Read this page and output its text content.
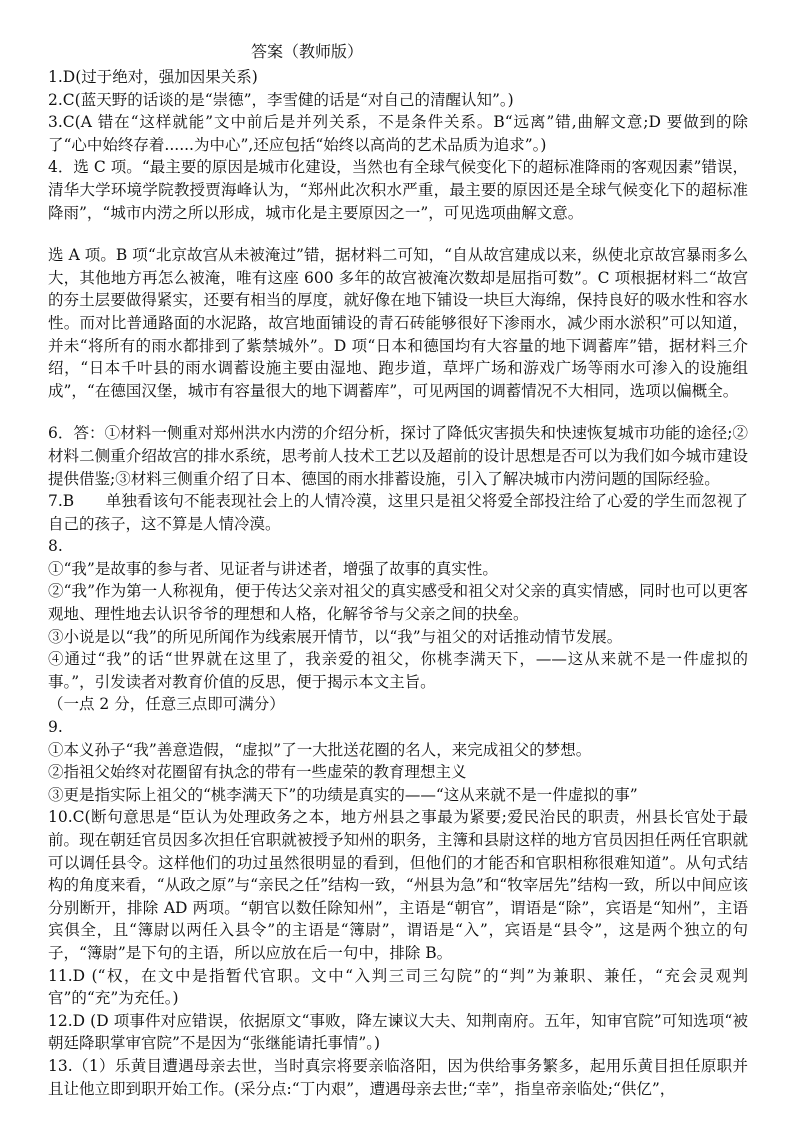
答案（教师版）
1.D(过于绝对，强加因果关系)
2.C(蓝天野的话谈的是“崇德”，李雪健的话是“对自己的清醒认知”。)
3.C(A 错在“这样就能”文中前后是并列关系，不是条件关系。B“远离”错,曲解文意;D 要做到的除了“心中始终存着......为中心”,还应包括“始终以高尚的艺术品质为追求”。)
4．选 C 项。“最主要的原因是城市化建设，当然也有全球气候变化下的超标准降雨的客观因素”错误，清华大学环境学院教授贾海峰认为，“郑州此次积水严重，最主要的原因还是全球气候变化下的超标准降雨”，“城市内涝之所以形成，城市化是主要原因之一”，可见选项曲解文意。
选 A 项。B 项“北京故宫从未被淹过”错，据材料二可知，“自从故宫建成以来，纵使北京故宫暴雨多么大，其他地方再怎么被淹，唯有这座 600 多年的故宫被淹次数却是屈指可数”。C 项根据材料二“故宫的夯土层要做得紧实，还要有相当的厚度，就好像在地下铺设一块巨大海绵，保持良好的吸水性和容水性。而对比普通路面的水泥路，故宫地面铺设的青石砖能够很好下渗雨水，减少雨水淤积”可以知道，并未“将所有的雨水都排到了紫禁城外”。D 项“日本和德国均有大容量的地下调蓄库”错，据材料三介绍，“日本千叶县的雨水调蓄设施主要由湿地、跑步道，草坪广场和游戏广场等雨水可渗入的设施组成”，“在德国汉堡，城市有容量很大的地下调蓄库”，可见两国的调蓄情况不大相同，选项以偏概全。
6．答：①材料一侧重对郑州洪水内涝的介绍分析，探讨了降低灾害损失和快速恢复城市功能的途径;②材料二侧重介绍故宫的排水系统，思考前人技术工艺以及超前的设计思想是否可以为我们如今城市建设提供借鉴;③材料三侧重介绍了日本、德国的雨水排蓄设施，引入了解决城市内涝问题的国际经验。
7.B　　单独看该句不能表现社会上的人情冷漠，这里只是祖父将爱全部投注给了心爱的学生而忽视了自己的孩子，这不算是人情冷漠。
8.
①“我”是故事的参与者、见证者与讲述者，增强了故事的真实性。
②“我”作为第一人称视角，便于传达父亲对祖父的真实感受和祖父对父亲的真实情感，同时也可以更客观地、理性地去认识爷爷的理想和人格，化解爷爷与父亲之间的抉垒。
③小说是以“我”的所见所闻作为线索展开情节，以“我”与祖父的对话推动情节发展。
④通过“我”的话“世界就在这里了，我亲爱的祖父，你桃李满天下，——这从来就不是一件虚拟的事。”，引发读者对教育价值的反思，便于揭示本文主旨。
（一点 2 分，任意三点即可满分）
9.
①本义孙子“我”善意造假，“虚拟”了一大批送花圈的名人，来完成祖父的梦想。
②指祖父始终对花圈留有执念的带有一些虚荣的教育理想主义
③更是指实际上祖父的“桃李满天下”的功绩是真实的——“这从来就不是一件虚拟的事”
10.C(断句意思是“臣认为处理政务之本，地方州县之事最为紧要;爱民治民的职责，州县长官处于最前。现在朝廷官员因多次担任官职就被授予知州的职务，主簿和县尉这样的地方官员因担任两任官职就可以调任县令。这样他们的功过虽然很明显的看到，但他们的才能否和官职相称很难知道”。从句式结构的角度来看，“从政之原”与“亲民之任”结构一致，“州县为急”和“牧宰居先”结构一致，所以中间应该分别断开，排除 AD 两项。“朝官以数任除知州”，主语是“朝官”，谓语是“除”，宾语是“知州”，主语宾俱全，且“簿尉以两任入县令”的主语是“簿尉”，谓语是“入”，宾语是“县令”，这是两个独立的句子，“簿尉”是下句的主语，所以应放在后一句中，排除 B。
11.D (“权，在文中是指暂代官职。文中“入判三司三勾院”的“判”为兼职、兼任，“充会灵观判官”的“充”为充任。)
12.D (D 项事件对应错误，依据原文“事败，降左谏议大夫、知荆南府。五年，知审官院”可知选项“被朝廷降职掌审官院”不是因为“张继能请托事情”。)
13.（1）乐黄目遭遇母亲去世，当时真宗将要亲临洛阳，因为供给事务繁多，起用乐黄目担任原职并且让他立即到职开始工作。(采分点:“丁内艰”，遭遇母亲去世;“幸”，指皇帝亲临处;“供亿”，
